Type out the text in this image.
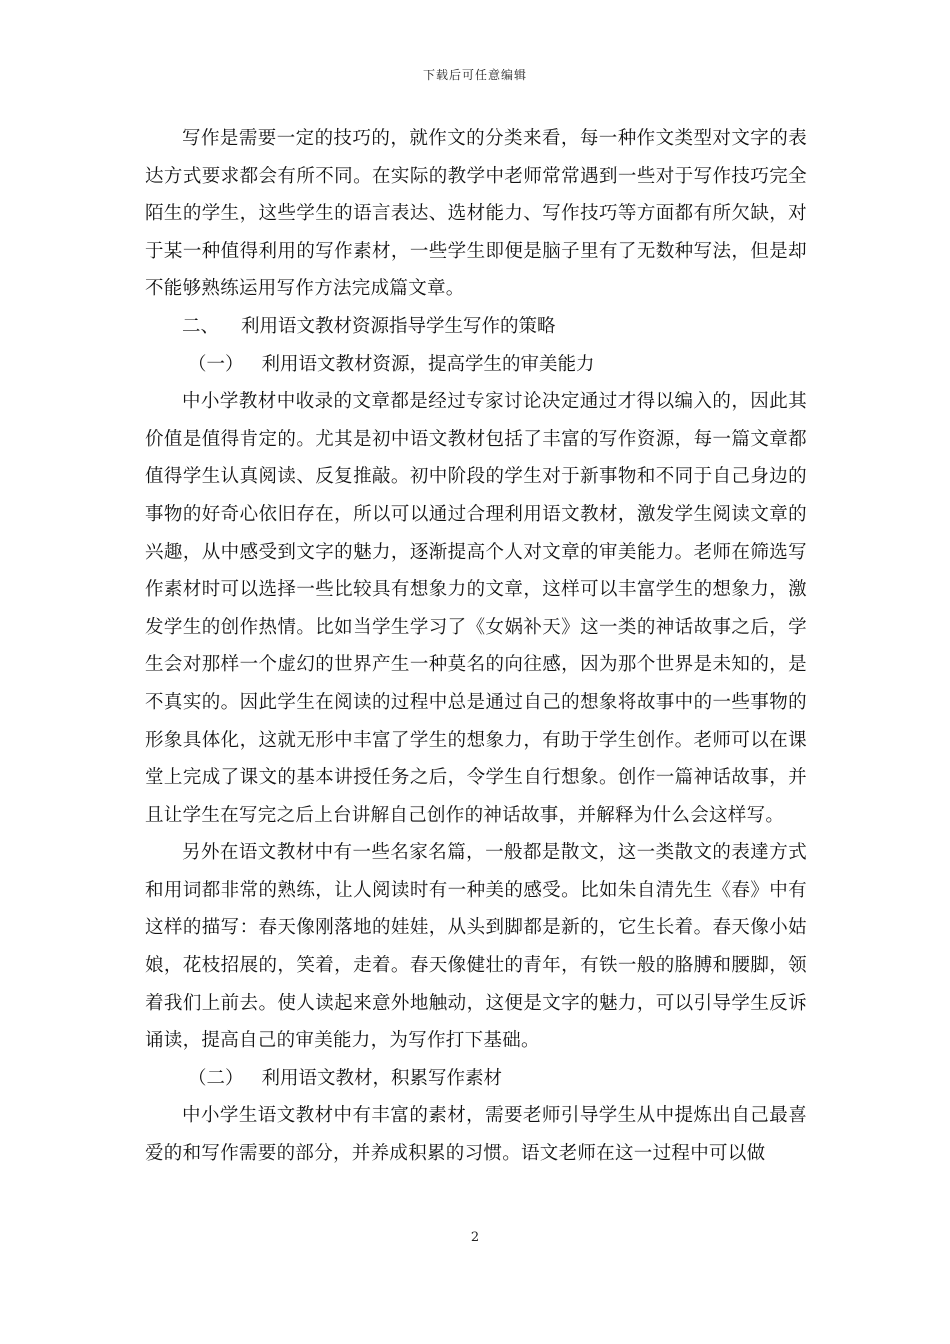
下载后可任意编辑

写作是需要一定的技巧的，就作文的分类来看，每一种作文类型对文字的表达方式要求都会有所不同。在实际的教学中老师常常遇到一些对于写作技巧完全陌生的学生，这些学生的语言表达、选材能力、写作技巧等方面都有所欠缺，对于某一种值得利用的写作素材，一些学生即便是脑子里有了无数种写法，但是却不能够熟练运用写作方法完成篇文章。

二、 利用语文教材资源指导学生写作的策略

（一） 利用语文教材资源，提高学生的审美能力

中小学教材中收录的文章都是经过专家讨论决定通过才得以编入的，因此其价值是值得肯定的。尤其是初中语文教材包括了丰富的写作资源，每一篇文章都值得学生认真阅读、反复推敲。初中阶段的学生对于新事物和不同于自己身边的事物的好奇心依旧存在，所以可以通过合理利用语文教材，激发学生阅读文章的兴趣，从中感受到文字的魅力，逐渐提高个人对文章的审美能力。老师在筛选写作素材时可以选择一些比较具有想象力的文章，这样可以丰富学生的想象力，激发学生的创作热情。比如当学生学习了《女娲补天》这一类的神话故事之后，学生会对那样一个虚幻的世界产生一种莫名的向往感，因为那个世界是未知的，是不真实的。因此学生在阅读的过程中总是通过自己的想象将故事中的一些事物的形象具体化，这就无形中丰富了学生的想象力，有助于学生创作。老师可以在课堂上完成了课文的基本讲授任务之后，令学生自行想象。创作一篇神话故事，并且让学生在写完之后上台讲解自己创作的神话故事，并解释为什么会这样写。

另外在语文教材中有一些名家名篇，一般都是散文，这一类散文的表達方式和用词都非常的熟练，让人阅读时有一种美的感受。比如朱自清先生《春》中有这样的描写：春天像刚落地的娃娃，从头到脚都是新的，它生长着。春天像小姑娘，花枝招展的，笑着，走着。春天像健壮的青年，有铁一般的胳膊和腰脚，领着我们上前去。使人读起来意外地触动，这便是文字的魅力，可以引导学生反诉诵读，提高自己的审美能力，为写作打下基础。

（二） 利用语文教材，积累写作素材

中小学生语文教材中有丰富的素材，需要老师引导学生从中提炼出自己最喜爱的和写作需要的部分，并养成积累的习惯。语文老师在这一过程中可以做

2
